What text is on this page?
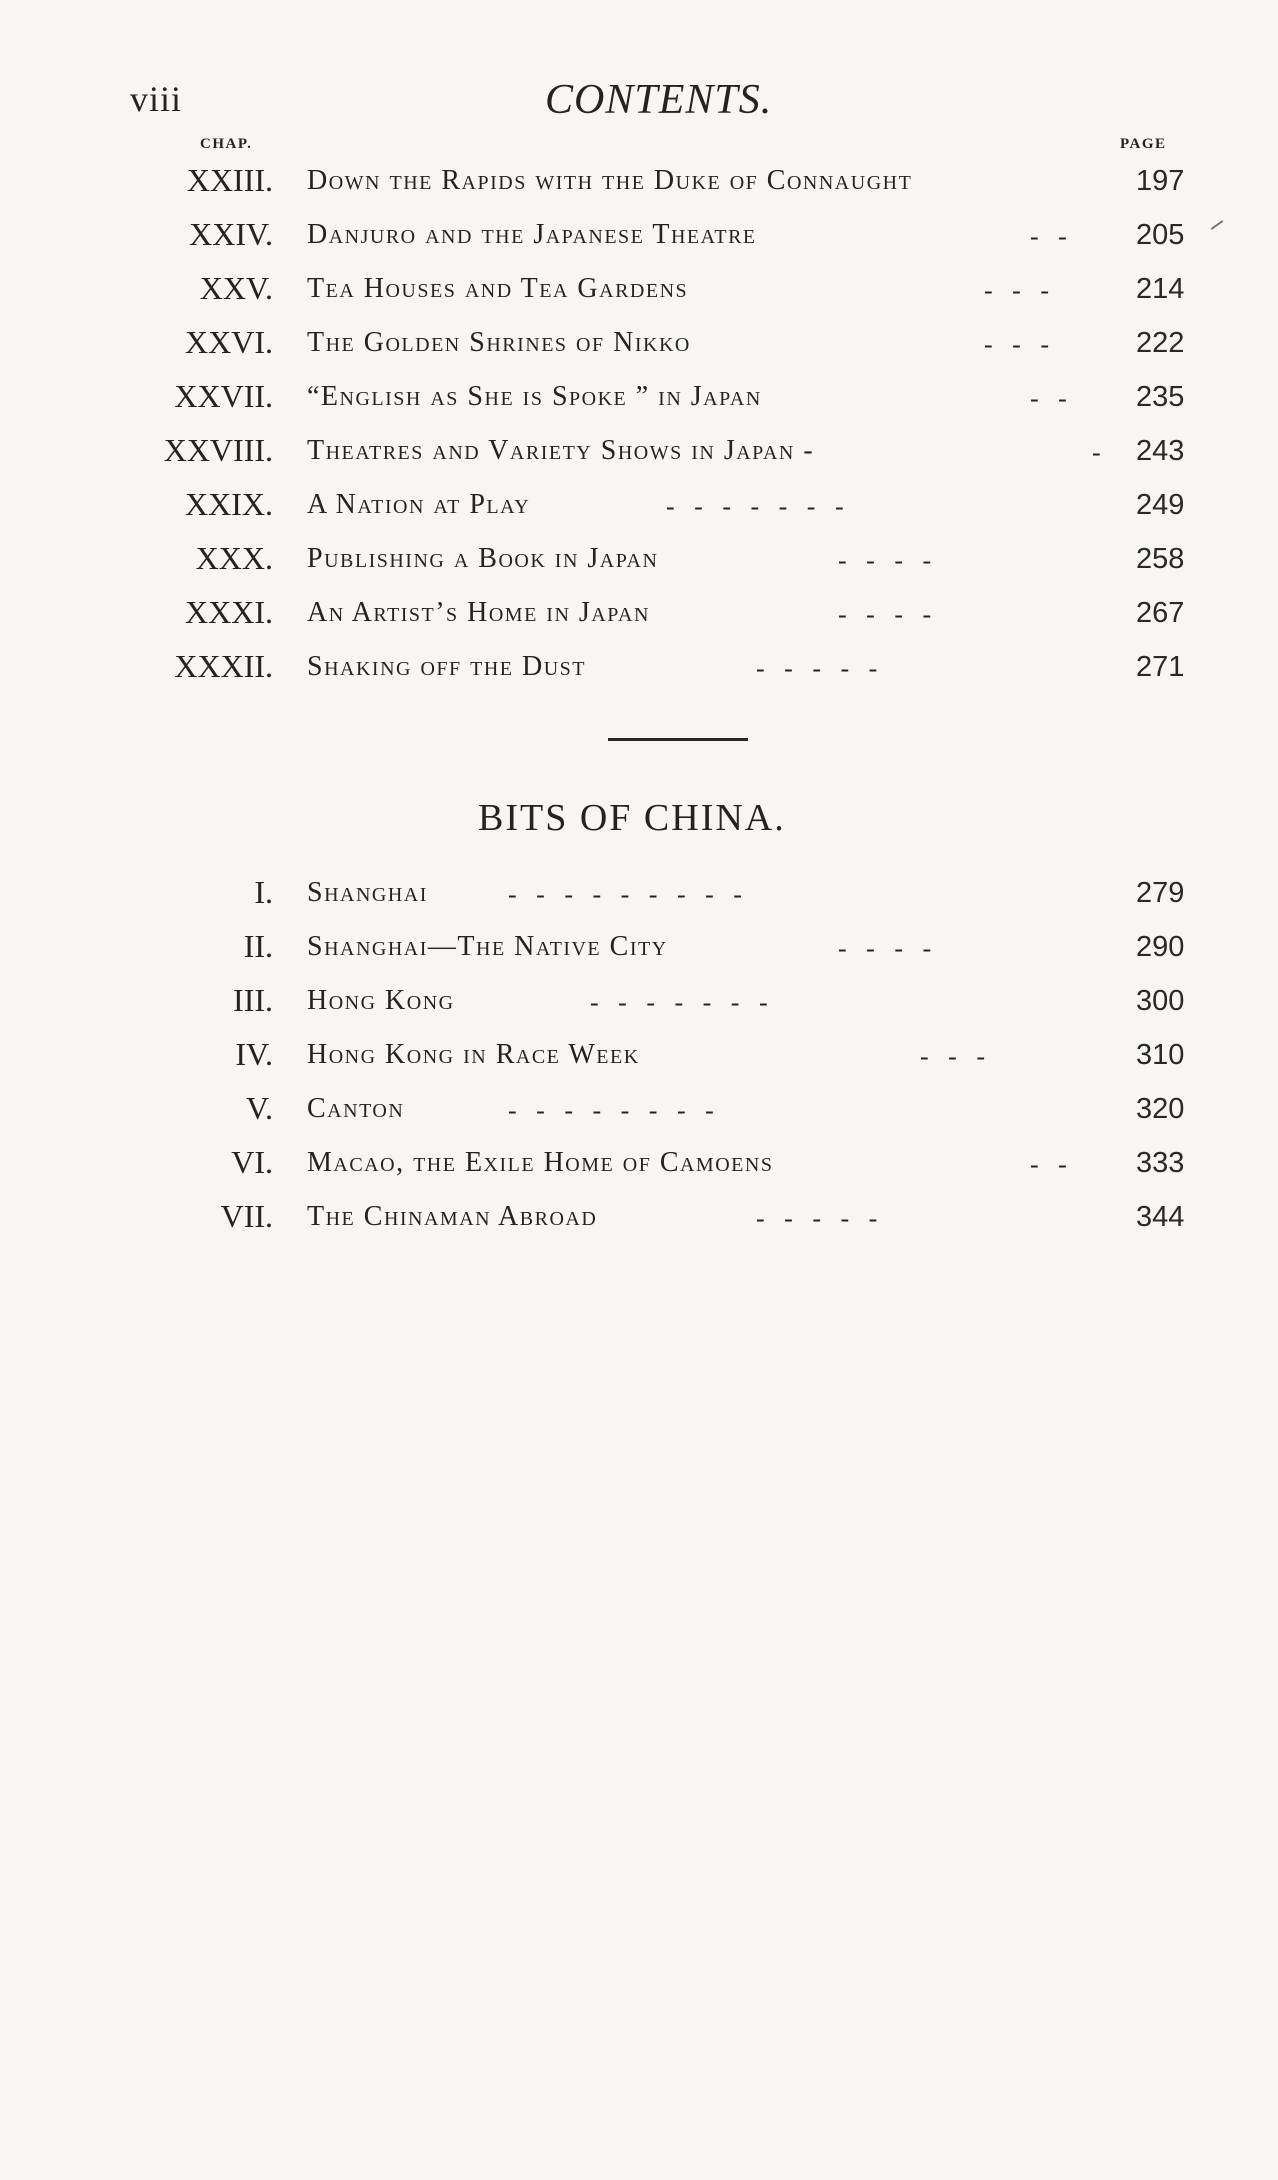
viii	CONTENTS.
CHAP.	PAGE
XXIII. Down the Rapids with the Duke of Connaught	197
XXIV. Danjuro and the Japanese Theatre	-   - 205
XXV. Tea Houses and Tea Gardens	-   -   -	214
XXVI. The Golden Shrines of Nikko	-   -   -	222
XXVII. “English as She is Spoke ” in Japan	-   - 235
XXVIII. Theatres and Variety Shows in Japan -	- 243
XXIX. A Nation at Play	-   -   -   -   -   -   -	249
XXX. Publishing a Book in Japan	-   -   -   -	258
XXXI. An Artist’s Home in Japan	-   -   -   -	267
XXXII. Shaking off the Dust	-   -   -   -   -	271
BITS OF CHINA.
I. Shanghai	-   -   -   -   -   -   -   -   -	279
II. Shanghai—The Native City	-   -   -   -	290
III. Hong Kong	-   -   -   -   -   -   -	300
IV. Hong Kong in Race Week	-   -   -	310
V. Canton	-   -   -   -   -   -   -   -	320
VI. Macao, the Exile Home of Camoens	-   - 333
VII. The Chinaman Abroad	-   -   -   -   -	344
